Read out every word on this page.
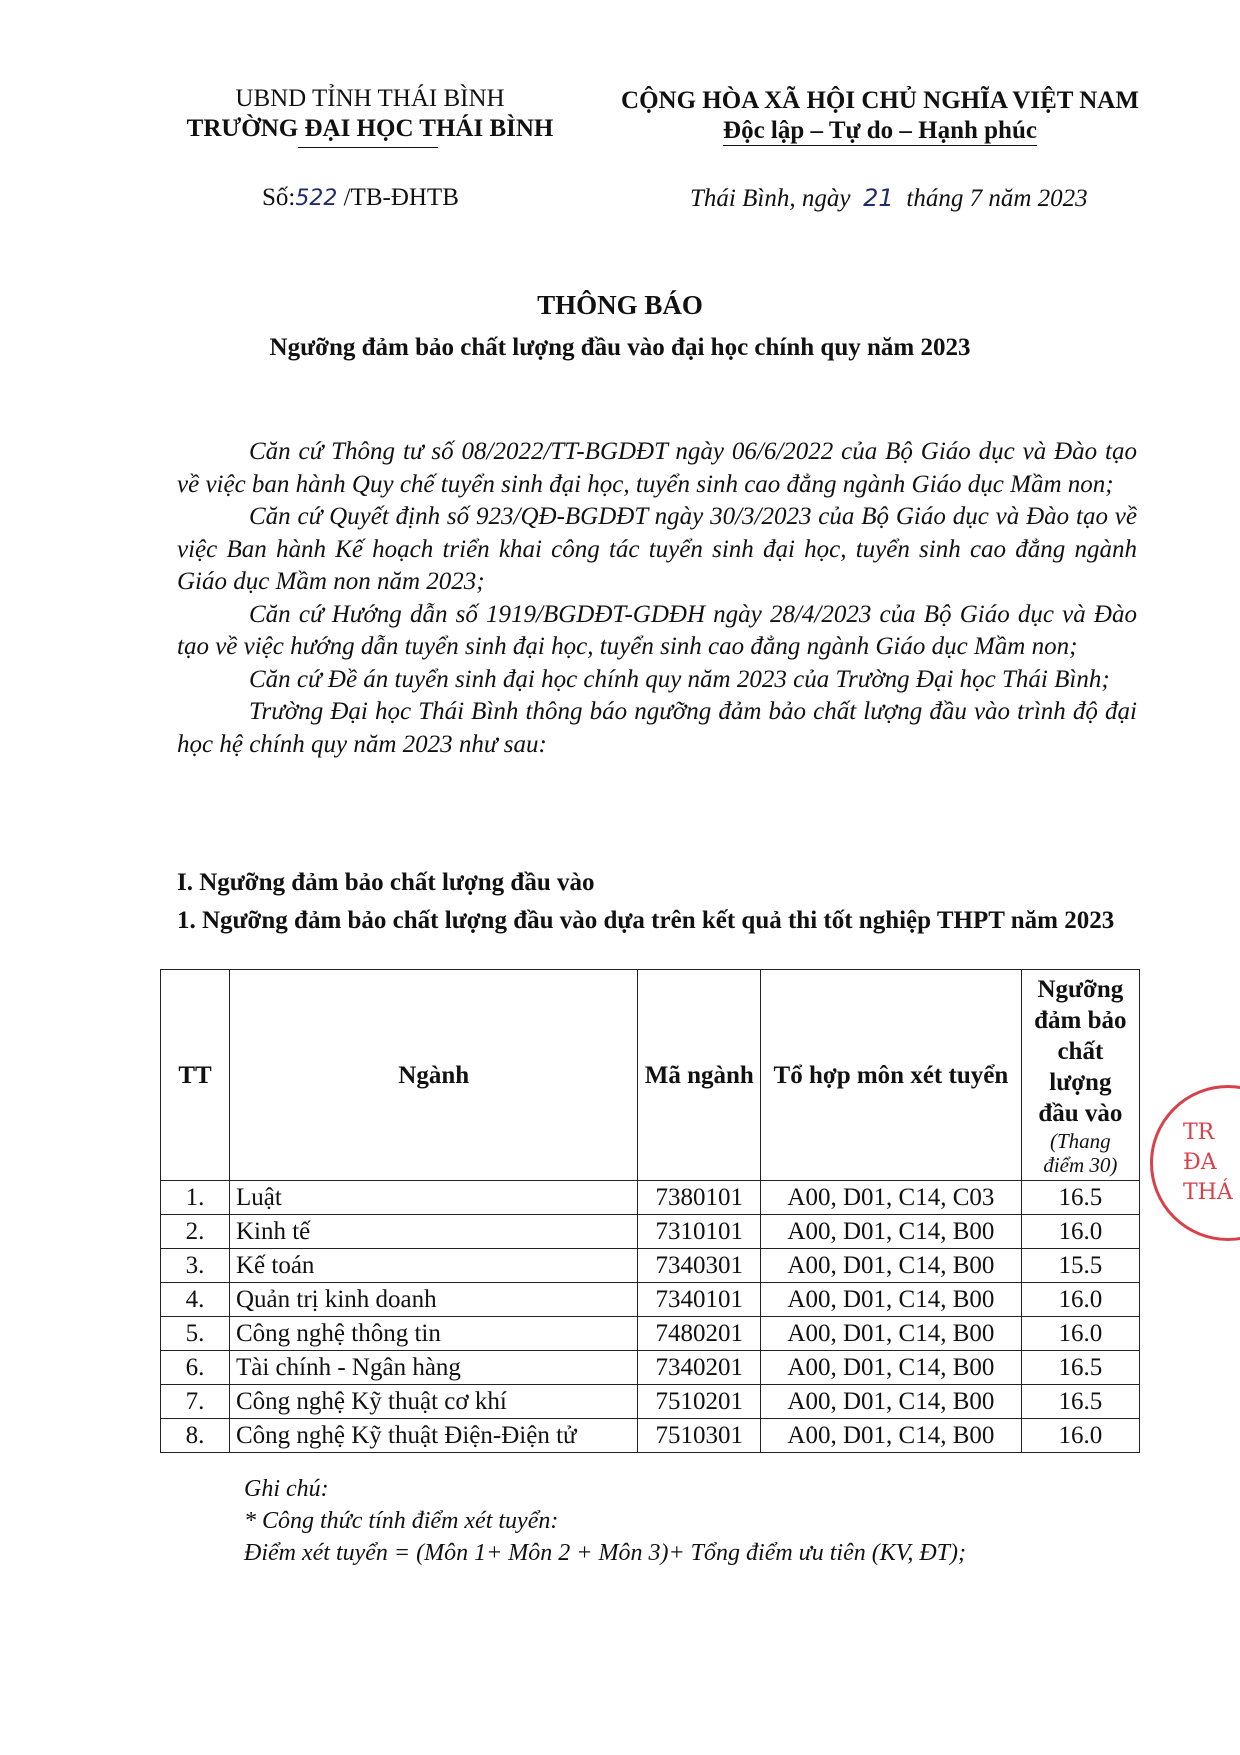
UBND TỈNH THÁI BÌNH
TRƯỜNG ĐẠI HỌC THÁI BÌNH
CỘNG HÒA XÃ HỘI CHỦ NGHĨA VIỆT NAM
Độc lập – Tự do – Hạnh phúc
Số:522 /TB-ĐHTB	Thái Bình, ngày 21 tháng 7 năm 2023
THÔNG BÁO
Ngưỡng đảm bảo chất lượng đầu vào đại học chính quy năm 2023

Căn cứ Thông tư số 08/2022/TT-BGDĐT ngày 06/6/2022 của Bộ Giáo dục và Đào tạo về việc ban hành Quy chế tuyển sinh đại học, tuyển sinh cao đẳng ngành Giáo dục Mầm non;

Căn cứ Quyết định số 923/QĐ-BGDĐT ngày 30/3/2023 của Bộ Giáo dục và Đào tạo về việc Ban hành Kế hoạch triển khai công tác tuyển sinh đại học, tuyển sinh cao đẳng ngành Giáo dục Mầm non năm 2023;

Căn cứ Hướng dẫn số 1919/BGDĐT-GDĐH ngày 28/4/2023 của Bộ Giáo dục và Đào tạo về việc hướng dẫn tuyển sinh đại học, tuyển sinh cao đẳng ngành Giáo dục Mầm non;

Căn cứ Đề án tuyển sinh đại học chính quy năm 2023 của Trường Đại học Thái Bình;

Trường Đại học Thái Bình thông báo ngưỡng đảm bảo chất lượng đầu vào trình độ đại học hệ chính quy năm 2023 như sau:

I. Ngưỡng đảm bảo chất lượng đầu vào
1. Ngưỡng đảm bảo chất lượng đầu vào dựa trên kết quả thi tốt nghiệp THPT năm 2023
TT	Ngành	Mã ngành	Tổ hợp môn xét tuyển	Ngưỡng đảm bảo chất lượng đầu vào
(Thang điểm 30)

1.	Luật	7380101	A00, D01, C14, C03	16.5
2.	Kinh tế	7310101	A00, D01, C14, B00	16.0
3.	Kế toán	7340301	A00, D01, C14, B00	15.5
4.	Quản trị kinh doanh	7340101	A00, D01, C14, B00	16.0
5.	Công nghệ thông tin	7480201	A00, D01, C14, B00	16.0
6.	Tài chính - Ngân hàng	7340201	A00, D01, C14, B00	16.5
7.	Công nghệ Kỹ thuật cơ khí	7510201	A00, D01, C14, B00	16.5
8.	Công nghệ Kỹ thuật Điện-Điện tử	7510301	A00, D01, C14, B00	16.0
Ghi chú:
* Công thức tính điểm xét tuyển:
Điểm xét tuyển = (Môn 1+ Môn 2 + Môn 3)+ Tổng điểm ưu tiên (KV, ĐT);
TR
ĐA
THÁ
